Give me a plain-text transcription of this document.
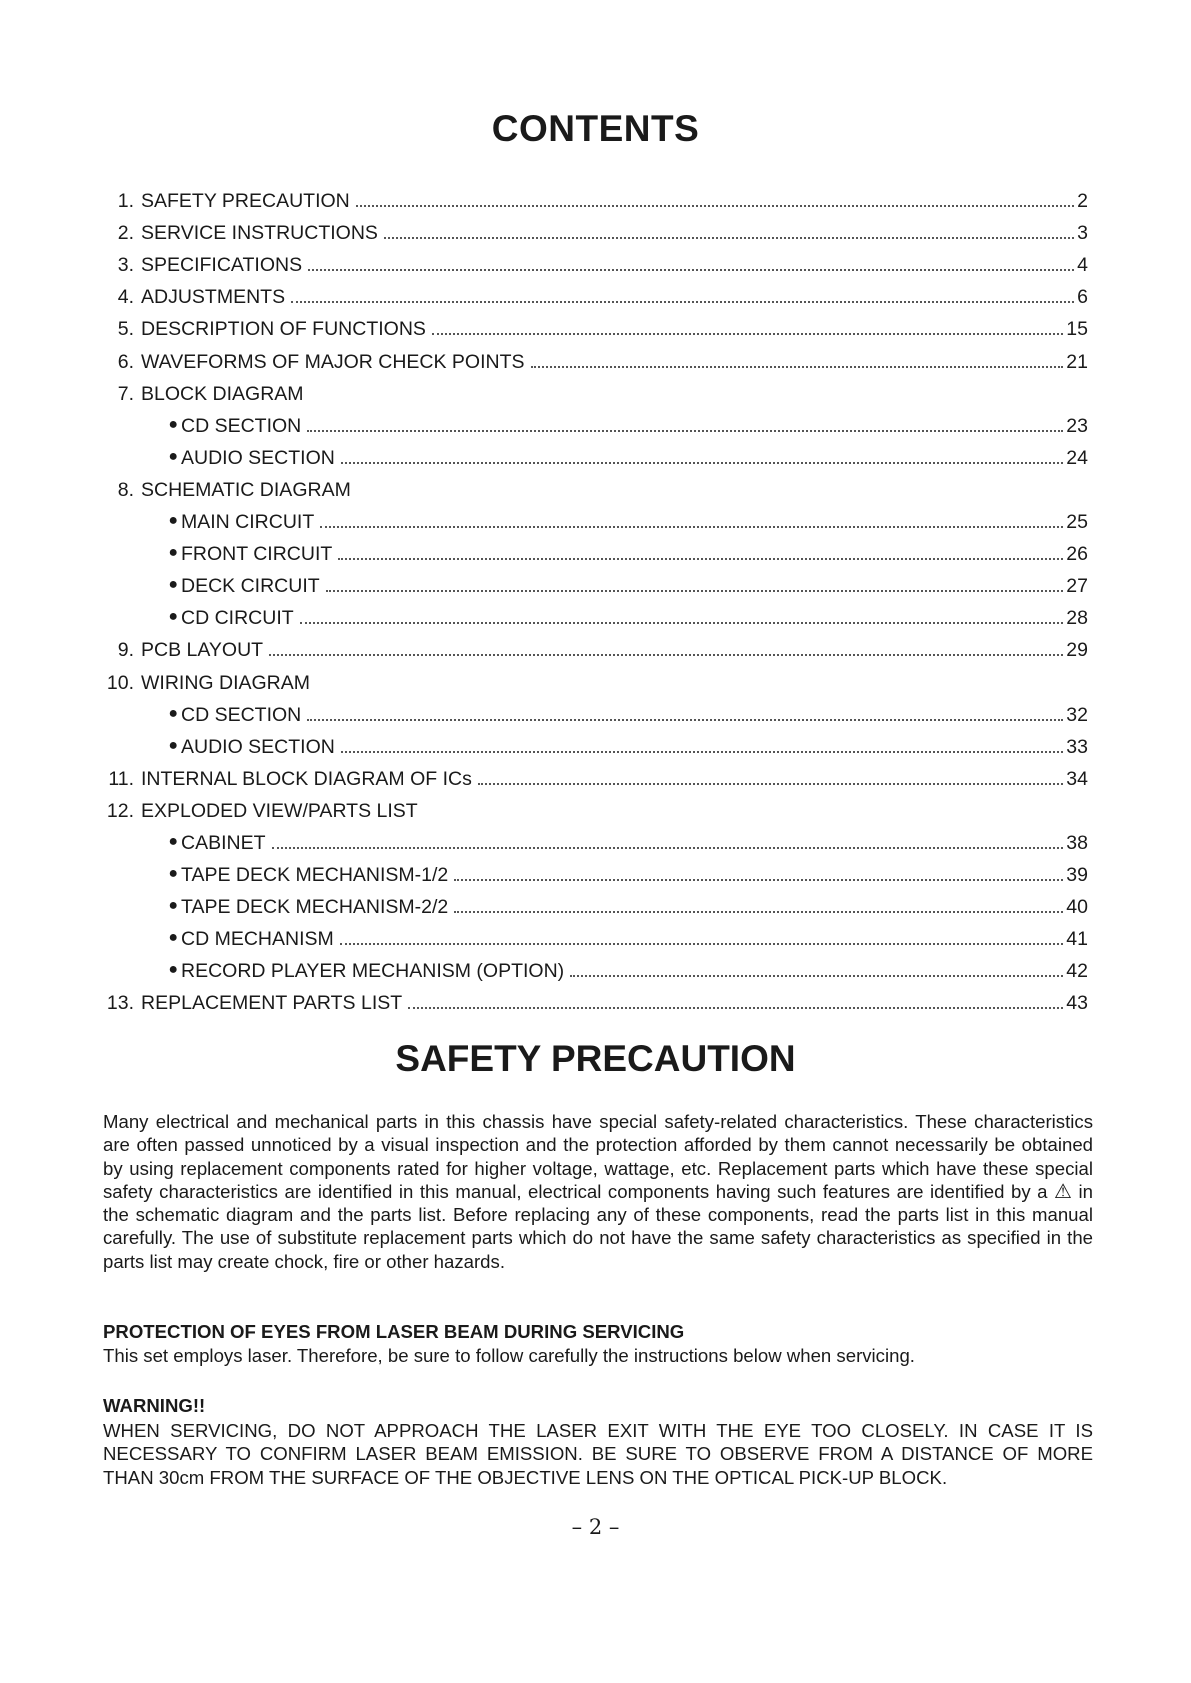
CONTENTS
1. SAFETY PRECAUTION	2
2. SERVICE INSTRUCTIONS	3
3. SPECIFICATIONS	4
4. ADJUSTMENTS	6
5. DESCRIPTION OF FUNCTIONS	15
6. WAVEFORMS OF MAJOR CHECK POINTS	21
7. BLOCK DIAGRAM
● CD SECTION	23
● AUDIO SECTION	24
8. SCHEMATIC DIAGRAM
● MAIN CIRCUIT	25
● FRONT CIRCUIT	26
● DECK CIRCUIT	27
● CD CIRCUIT	28
9. PCB LAYOUT	29
10. WIRING DIAGRAM
● CD SECTION	32
● AUDIO SECTION	33
11. INTERNAL BLOCK DIAGRAM OF ICs	34
12. EXPLODED VIEW/PARTS LIST
● CABINET	38
● TAPE DECK MECHANISM-1/2	39
● TAPE DECK MECHANISM-2/2	40
● CD MECHANISM	41
● RECORD PLAYER MECHANISM (OPTION)	42
13. REPLACEMENT PARTS LIST	43
SAFETY PRECAUTION

Many electrical and mechanical parts in this chassis have special safety-related characteristics. These characteristics are often passed unnoticed by a visual inspection and the protection afforded by them cannot necessarily be obtained by using replacement components rated for higher voltage, wattage, etc. Replacement parts which have these special safety characteristics are identified in this manual, electrical components having such features are identified by a ⚠ in the schematic diagram and the parts list. Before replacing any of these components, read the parts list in this manual carefully. The use of substitute replacement parts which do not have the same safety characteristics as specified in the parts list may create chock, fire or other hazards.

PROTECTION OF EYES FROM LASER BEAM DURING SERVICING
This set employs laser. Therefore, be sure to follow carefully the instructions below when servicing.
WARNING!!

WHEN SERVICING, DO NOT APPROACH THE LASER EXIT WITH THE EYE TOO CLOSELY. IN CASE IT IS NECESSARY TO CONFIRM LASER BEAM EMISSION. BE SURE TO OBSERVE FROM A DISTANCE OF MORE THAN 30cm FROM THE SURFACE OF THE OBJECTIVE LENS ON THE OPTICAL PICK-UP BLOCK.

– 2 –
